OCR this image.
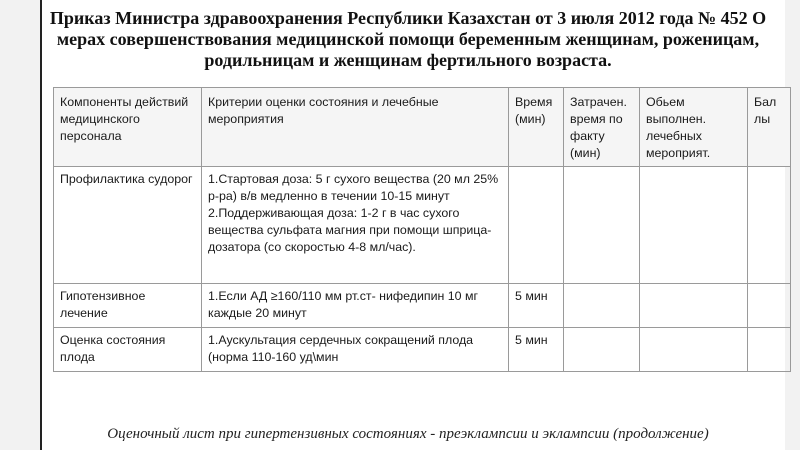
Приказ Министра здравоохранения Республики Казахстан от 3 июля 2012 года № 452 О мерах совершенствования медицинской помощи беременным женщинам, роженицам, родильницам и женщинам фертильного возраста.
Компоненты действий медицинского персонала	Критерии оценки состояния и лечебные мероприятия	Время (мин)	Затрачен. время по факту (мин)	Обьем выполнен. лечебных мероприят.	Бал лы
Профилактика судорог	1.Стартовая доза: 5 г сухого вещества (20 мл 25% р-ра) в/в медленно в течении 10-15 минут
2.Поддерживающая доза: 1-2 г в час сухого вещества сульфата магния при помощи шприца-дозатора (со скоростью 4-8 мл/час).				
Гипотензивное лечение	1.Если АД ≥160/110 мм рт.ст- нифедипин 10 мг каждые 20 минут	5 мин			
Оценка состояния плода	1.Аускультация сердечных сокращений плода (норма 110-160 уд\мин	5 мин			
Оценочный лист при гипертензивных состояниях - преэклампсии и эклампсии (продолжение)
